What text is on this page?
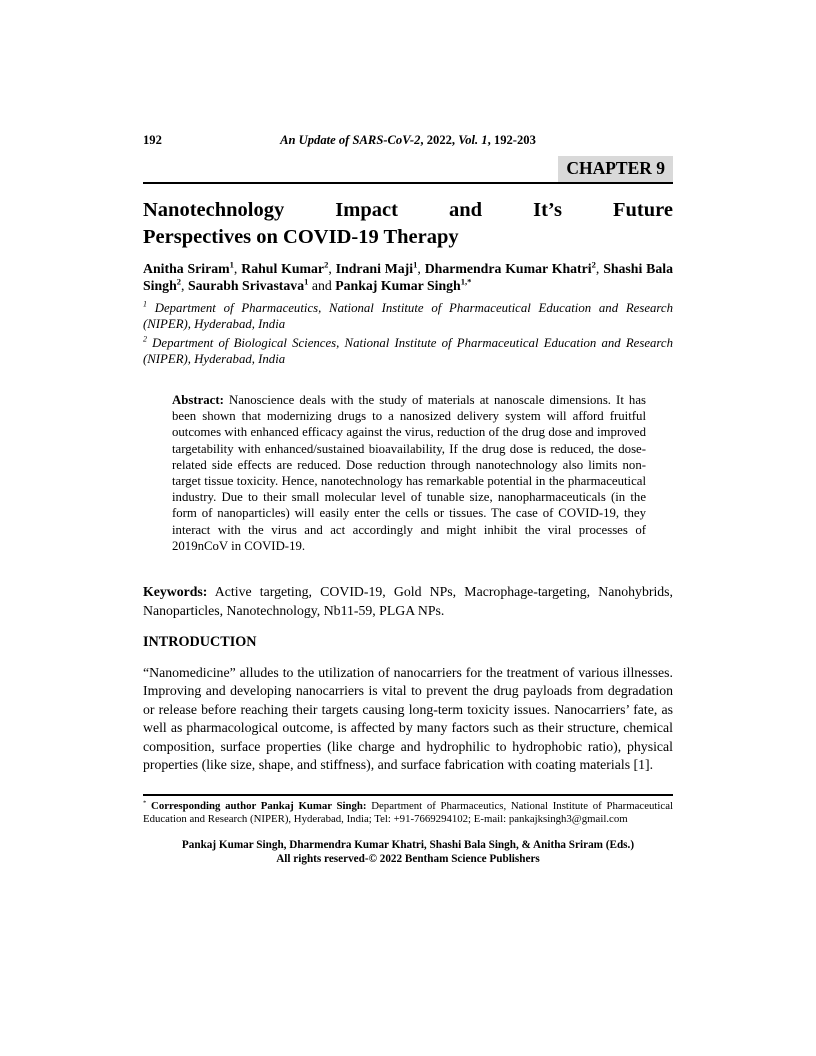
192	An Update of SARS-CoV-2, 2022, Vol. 1, 192-203
CHAPTER 9
Nanotechnology Impact and It’s Future
Perspectives on COVID-19 Therapy
Anitha Sriram$^1$, Rahul Kumar$^2$, Indrani Maji$^1$, Dharmendra Kumar Khatri$^2$, Shashi Bala Singh$^2$, Saurabh Srivastava$^1$ and Pankaj Kumar Singh$^{1,*}$

$^1$ Department of Pharmaceutics, National Institute of Pharmaceutical Education and Research (NIPER), Hyderabad, India

$^2$ Department of Biological Sciences, National Institute of Pharmaceutical Education and Research (NIPER), Hyderabad, India

Abstract: Nanoscience deals with the study of materials at nanoscale dimensions. It has been shown that modernizing drugs to a nanosized delivery system will afford fruitful outcomes with enhanced efficacy against the virus, reduction of the drug dose and improved targetability with enhanced/sustained bioavailability, If the drug dose is reduced, the dose-related side effects are reduced. Dose reduction through nanotechnology also limits non-target tissue toxicity. Hence, nanotechnology has remarkable potential in the pharmaceutical industry. Due to their small molecular level of tunable size, nanopharmaceuticals (in the form of nanoparticles) will easily enter the cells or tissues. The case of COVID-19, they interact with the virus and act accordingly and might inhibit the viral processes of 2019nCoV in COVID-19.

Keywords: Active targeting, COVID-19, Gold NPs, Macrophage-targeting, Nanohybrids, Nanoparticles, Nanotechnology, Nb11-59, PLGA NPs.

INTRODUCTION

“Nanomedicine” alludes to the utilization of nanocarriers for the treatment of various illnesses. Improving and developing nanocarriers is vital to prevent the drug payloads from degradation or release before reaching their targets causing long-term toxicity issues. Nanocarriers’ fate, as well as pharmacological outcome, is affected by many factors such as their structure, chemical composition, surface properties (like charge and hydrophilic to hydrophobic ratio), physical properties (like size, shape, and stiffness), and surface fabrication with coating materials [1].

* Corresponding author Pankaj Kumar Singh: Department of Pharmaceutics, National Institute of Pharmaceutical Education and Research (NIPER), Hyderabad, India; Tel: +91-7669294102; E-mail: pankajksingh3@gmail.com

Pankaj Kumar Singh, Dharmendra Kumar Khatri, Shashi Bala Singh, & Anitha Sriram (Eds.)
All rights reserved-© 2022 Bentham Science Publishers
